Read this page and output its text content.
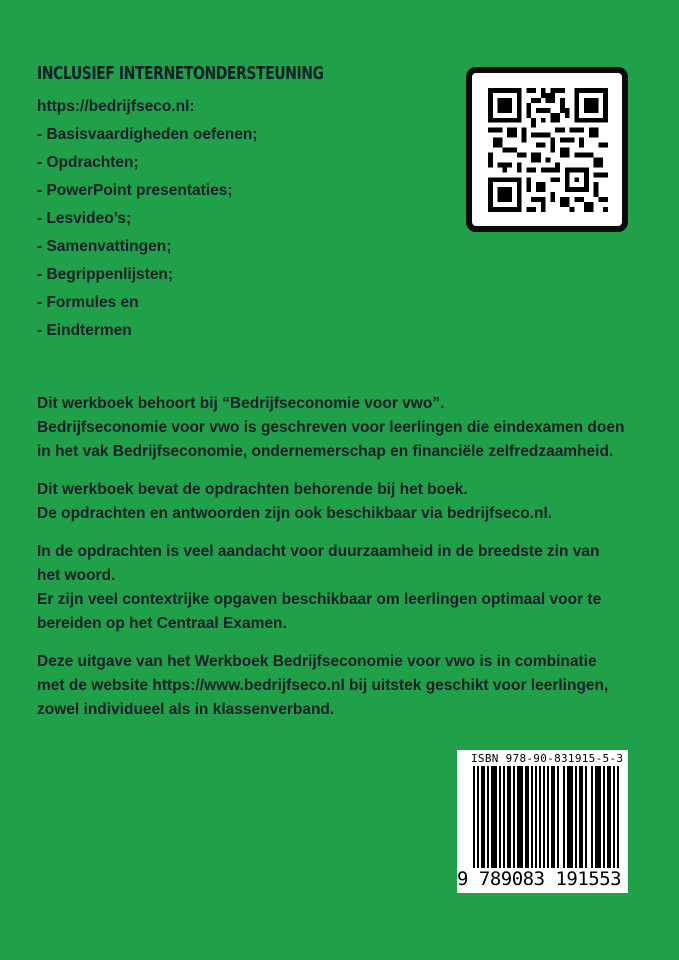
INCLUSIEF INTERNETONDERSTEUNING
https://bedrijfseco.nl:
- Basisvaardigheden oefenen;
- Opdrachten;
- PowerPoint presentaties;
- Lesvideo’s;
- Samenvattingen;
- Begrippenlijsten;
- Formules en
- Eindtermen
Dit werkboek behoort bij “Bedrijfseconomie voor vwo”.
Bedrijfseconomie voor vwo is geschreven voor leerlingen die eindexamen doen
in het vak Bedrijfseconomie, ondernemerschap en financiële zelfredzaamheid.
Dit werkboek bevat de opdrachten behorende bij het boek.
De opdrachten en antwoorden zijn ook beschikbaar via bedrijfseco.nl.
In de opdrachten is veel aandacht voor duurzaamheid in de breedste zin van
het woord.
Er zijn veel contextrijke opgaven beschikbaar om leerlingen optimaal voor te
bereiden op het Centraal Examen.
Deze uitgave van het Werkboek Bedrijfseconomie voor vwo is in combinatie
met de website https://www.bedrijfseco.nl bij uitstek geschikt voor leerlingen,
zowel individueel als in klassenverband.
ISBN 978-90-831915-5-3
9 789083 191553
